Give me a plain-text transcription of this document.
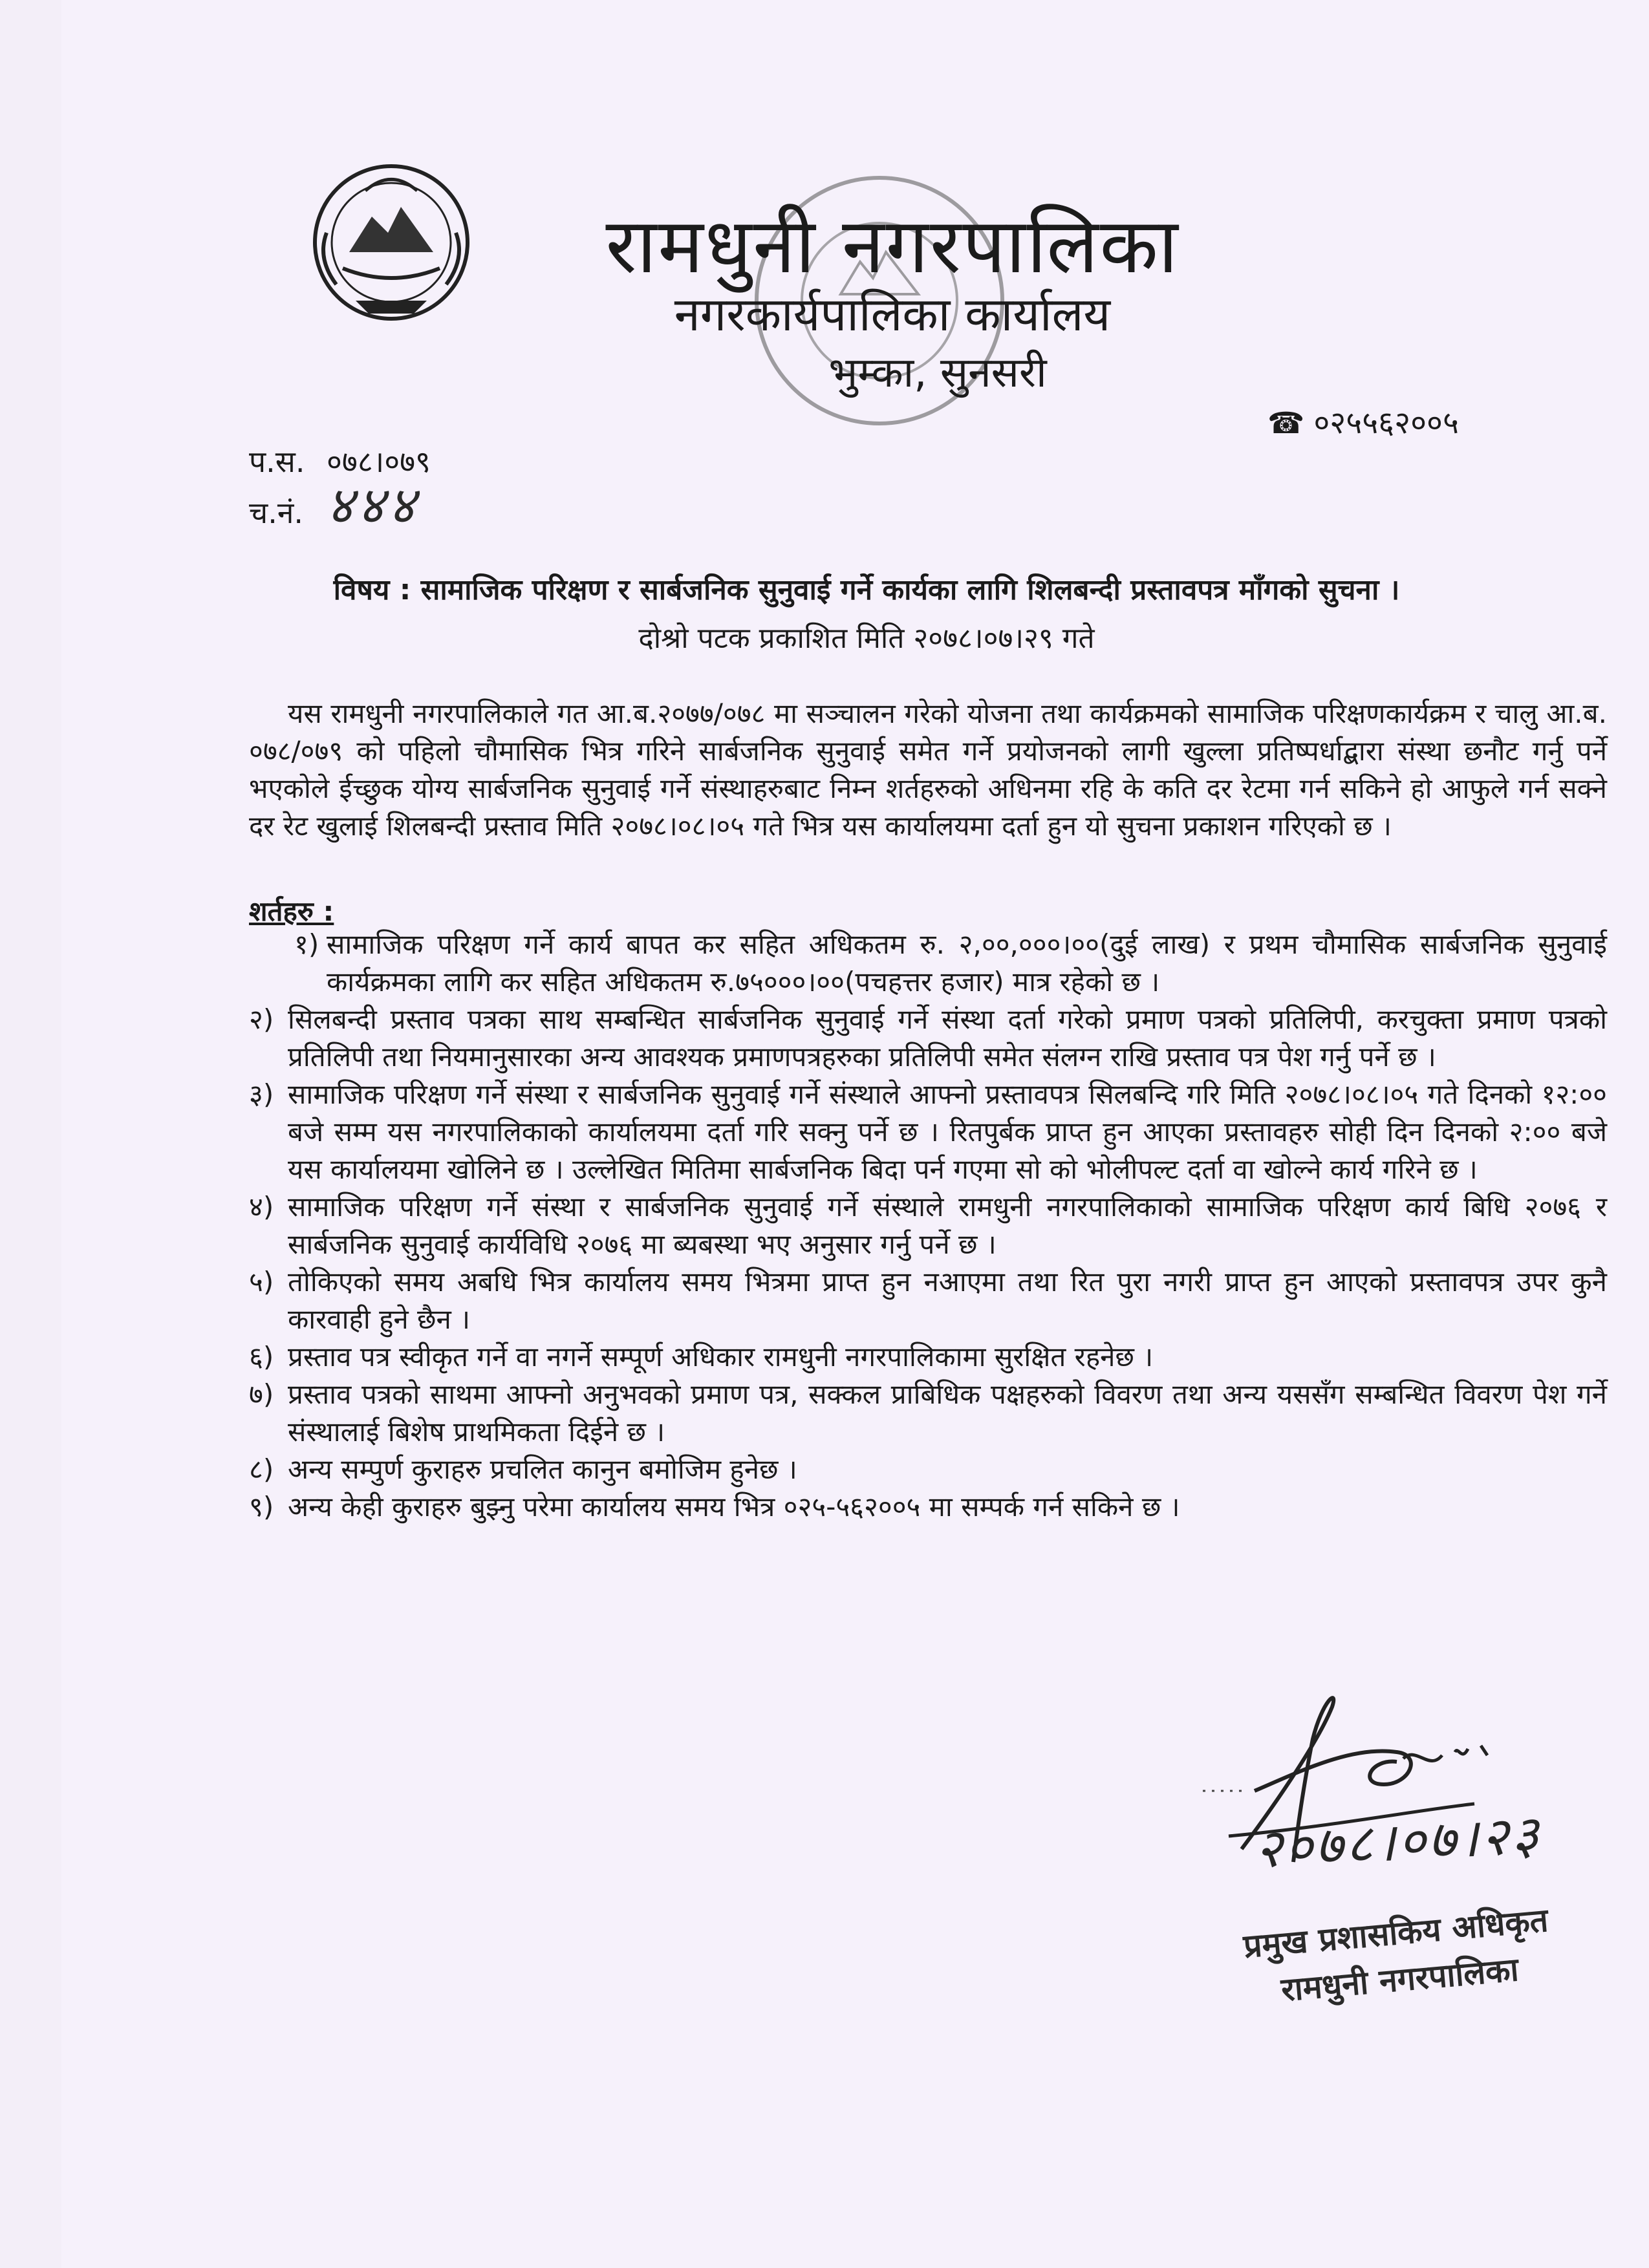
रामधुनी नगरपालिका
नगरकार्यपालिका कार्यालय
भुम्का, सुनसरी
☎ ०२५५६२००५
प.स. ०७८।०७९
च.नं. ४४४
विषय : सामाजिक परिक्षण र सार्बजनिक सुनुवाई गर्ने कार्यका लागि शिलबन्दी प्रस्तावपत्र माँगको सुचना ।
दोश्रो पटक प्रकाशित मिति २०७८।०७।२९ गते
यस रामधुनी नगरपालिकाले गत आ.ब.२०७७/०७८ मा सञ्चालन गरेको योजना तथा कार्यक्रमको सामाजिक परिक्षणकार्यक्रम र चालु आ.ब. ०७८/०७९ को पहिलो चौमासिक भित्र गरिने सार्बजनिक सुनुवाई समेत गर्ने प्रयोजनको लागी खुल्ला प्रतिष्पर्धाद्बारा संस्था छनौट गर्नु पर्ने भएकोले ईच्छुक योग्य सार्बजनिक सुनुवाई गर्ने संस्थाहरुबाट निम्न शर्तहरुको अधिनमा रहि के कति दर रेटमा गर्न सकिने हो आफुले गर्न सक्ने दर रेट खुलाई शिलबन्दी प्रस्ताव मिति २०७८।०८।०५ गते भित्र यस कार्यालयमा दर्ता हुन यो सुचना प्रकाशन गरिएको छ ।
शर्तहरु :
१) सामाजिक परिक्षण गर्ने कार्य बापत कर सहित अधिकतम रु. २,००,०००।००(दुई लाख) र प्रथम चौमासिक सार्बजनिक सुनुवाई कार्यक्रमका लागि कर सहित अधिकतम रु.७५०००।००(पचहत्तर हजार) मात्र रहेको छ ।
२) सिलबन्दी प्रस्ताव पत्रका साथ सम्बन्धित सार्बजनिक सुनुवाई गर्ने संस्था दर्ता गरेको प्रमाण पत्रको प्रतिलिपी, करचुक्ता प्रमाण पत्रको प्रतिलिपी तथा नियमानुसारका अन्य आवश्यक प्रमाणपत्रहरुका प्रतिलिपी समेत संलग्न राखि प्रस्ताव पत्र पेश गर्नु पर्ने छ ।
३) सामाजिक परिक्षण गर्ने संस्था र सार्बजनिक सुनुवाई गर्ने संस्थाले आफ्नो प्रस्तावपत्र सिलबन्दि गरि मिति २०७८।०८।०५ गते दिनको १२:०० बजे सम्म यस नगरपालिकाको कार्यालयमा दर्ता गरि सक्नु पर्ने छ । रितपुर्बक प्राप्त हुन आएका प्रस्तावहरु सोही दिन दिनको २:०० बजे यस कार्यालयमा खोलिने छ । उल्लेखित मितिमा सार्बजनिक बिदा पर्न गएमा सो को भोलीपल्ट दर्ता वा खोल्ने कार्य गरिने छ ।
४) सामाजिक परिक्षण गर्ने संस्था र सार्बजनिक सुनुवाई गर्ने संस्थाले रामधुनी नगरपालिकाको सामाजिक परिक्षण कार्य बिधि २०७६ र सार्बजनिक सुनुवाई कार्यविधि २०७६ मा ब्यबस्था भए अनुसार गर्नु पर्ने छ ।
५) तोकिएको समय अबधि भित्र कार्यालय समय भित्रमा प्राप्त हुन नआएमा तथा रित पुरा नगरी प्राप्त हुन आएको प्रस्तावपत्र उपर कुनै कारवाही हुने छैन ।
६) प्रस्ताव पत्र स्वीकृत गर्ने वा नगर्ने सम्पूर्ण अधिकार रामधुनी नगरपालिकामा सुरक्षित रहनेछ ।
७) प्रस्ताव पत्रको साथमा आफ्नो अनुभवको प्रमाण पत्र, सक्कल प्राबिधिक पक्षहरुको विवरण तथा अन्य यससँग सम्बन्धित विवरण पेश गर्ने संस्थालाई बिशेष प्राथमिकता दिईने छ ।
८) अन्य सम्पुर्ण कुराहरु प्रचलित कानुन बमोजिम हुनेछ ।
९) अन्य केही कुराहरु बुझ्नु परेमा कार्यालय समय भित्र ०२५-५६२००५ मा सम्पर्क गर्न सकिने छ ।
२०७८।०७।२३
प्रमुख प्रशासकिय अधिकृत
रामधुनी नगरपालिका
